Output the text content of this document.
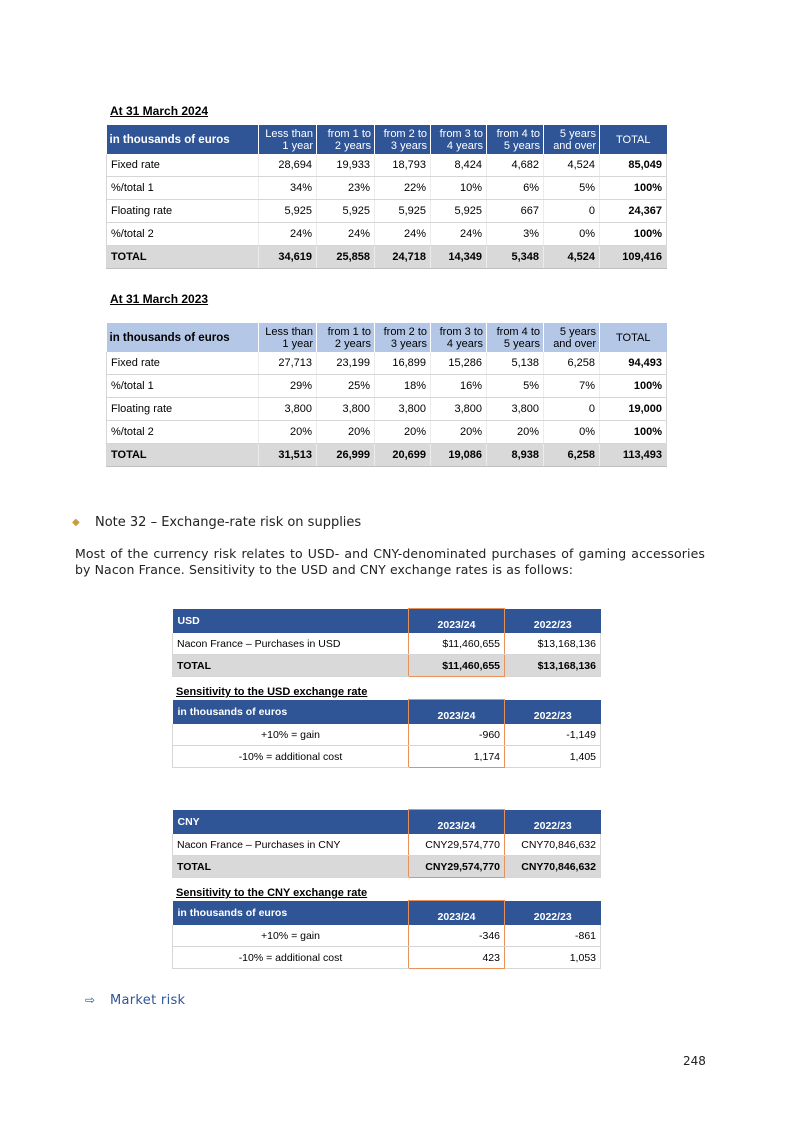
At 31 March 2024
in thousands of euros	Less than 1 year	from 1 to 2 years	from 2 to 3 years	from 3 to 4 years	from 4 to 5 years	5 years and over	TOTAL
Fixed rate	28,694	19,933	18,793	8,424	4,682	4,524	85,049
%/total 1	34%	23%	22%	10%	6%	5%	100%
Floating rate	5,925	5,925	5,925	5,925	667	0	24,367
%/total 2	24%	24%	24%	24%	3%	0%	100%
TOTAL	34,619	25,858	24,718	14,349	5,348	4,524	109,416
At 31 March 2023
in thousands of euros	Less than 1 year	from 1 to 2 years	from 2 to 3 years	from 3 to 4 years	from 4 to 5 years	5 years and over	TOTAL
Fixed rate	27,713	23,199	16,899	15,286	5,138	6,258	94,493
%/total 1	29%	25%	18%	16%	5%	7%	100%
Floating rate	3,800	3,800	3,800	3,800	3,800	0	19,000
%/total 2	20%	20%	20%	20%	20%	0%	100%
TOTAL	31,513	26,999	20,699	19,086	8,938	6,258	113,493
◆ Note 32 – Exchange-rate risk on supplies
Most of the currency risk relates to USD- and CNY-denominated purchases of gaming accessories by Nacon France. Sensitivity to the USD and CNY exchange rates is as follows:
USD	2023/24	2022/23
Nacon France – Purchases in USD	$11,460,655	$13,168,136
TOTAL	$11,460,655	$13,168,136
Sensitivity to the USD exchange rate
in thousands of euros	2023/24	2022/23
+10% = gain	-960	-1,149
-10% = additional cost	1,174	1,405
CNY	2023/24	2022/23
Nacon France – Purchases in CNY	CNY29,574,770	CNY70,846,632
TOTAL	CNY29,574,770	CNY70,846,632
Sensitivity to the CNY exchange rate
in thousands of euros	2023/24	2022/23
+10% = gain	-346	-861
-10% = additional cost	423	1,053
⇨ Market risk
248
